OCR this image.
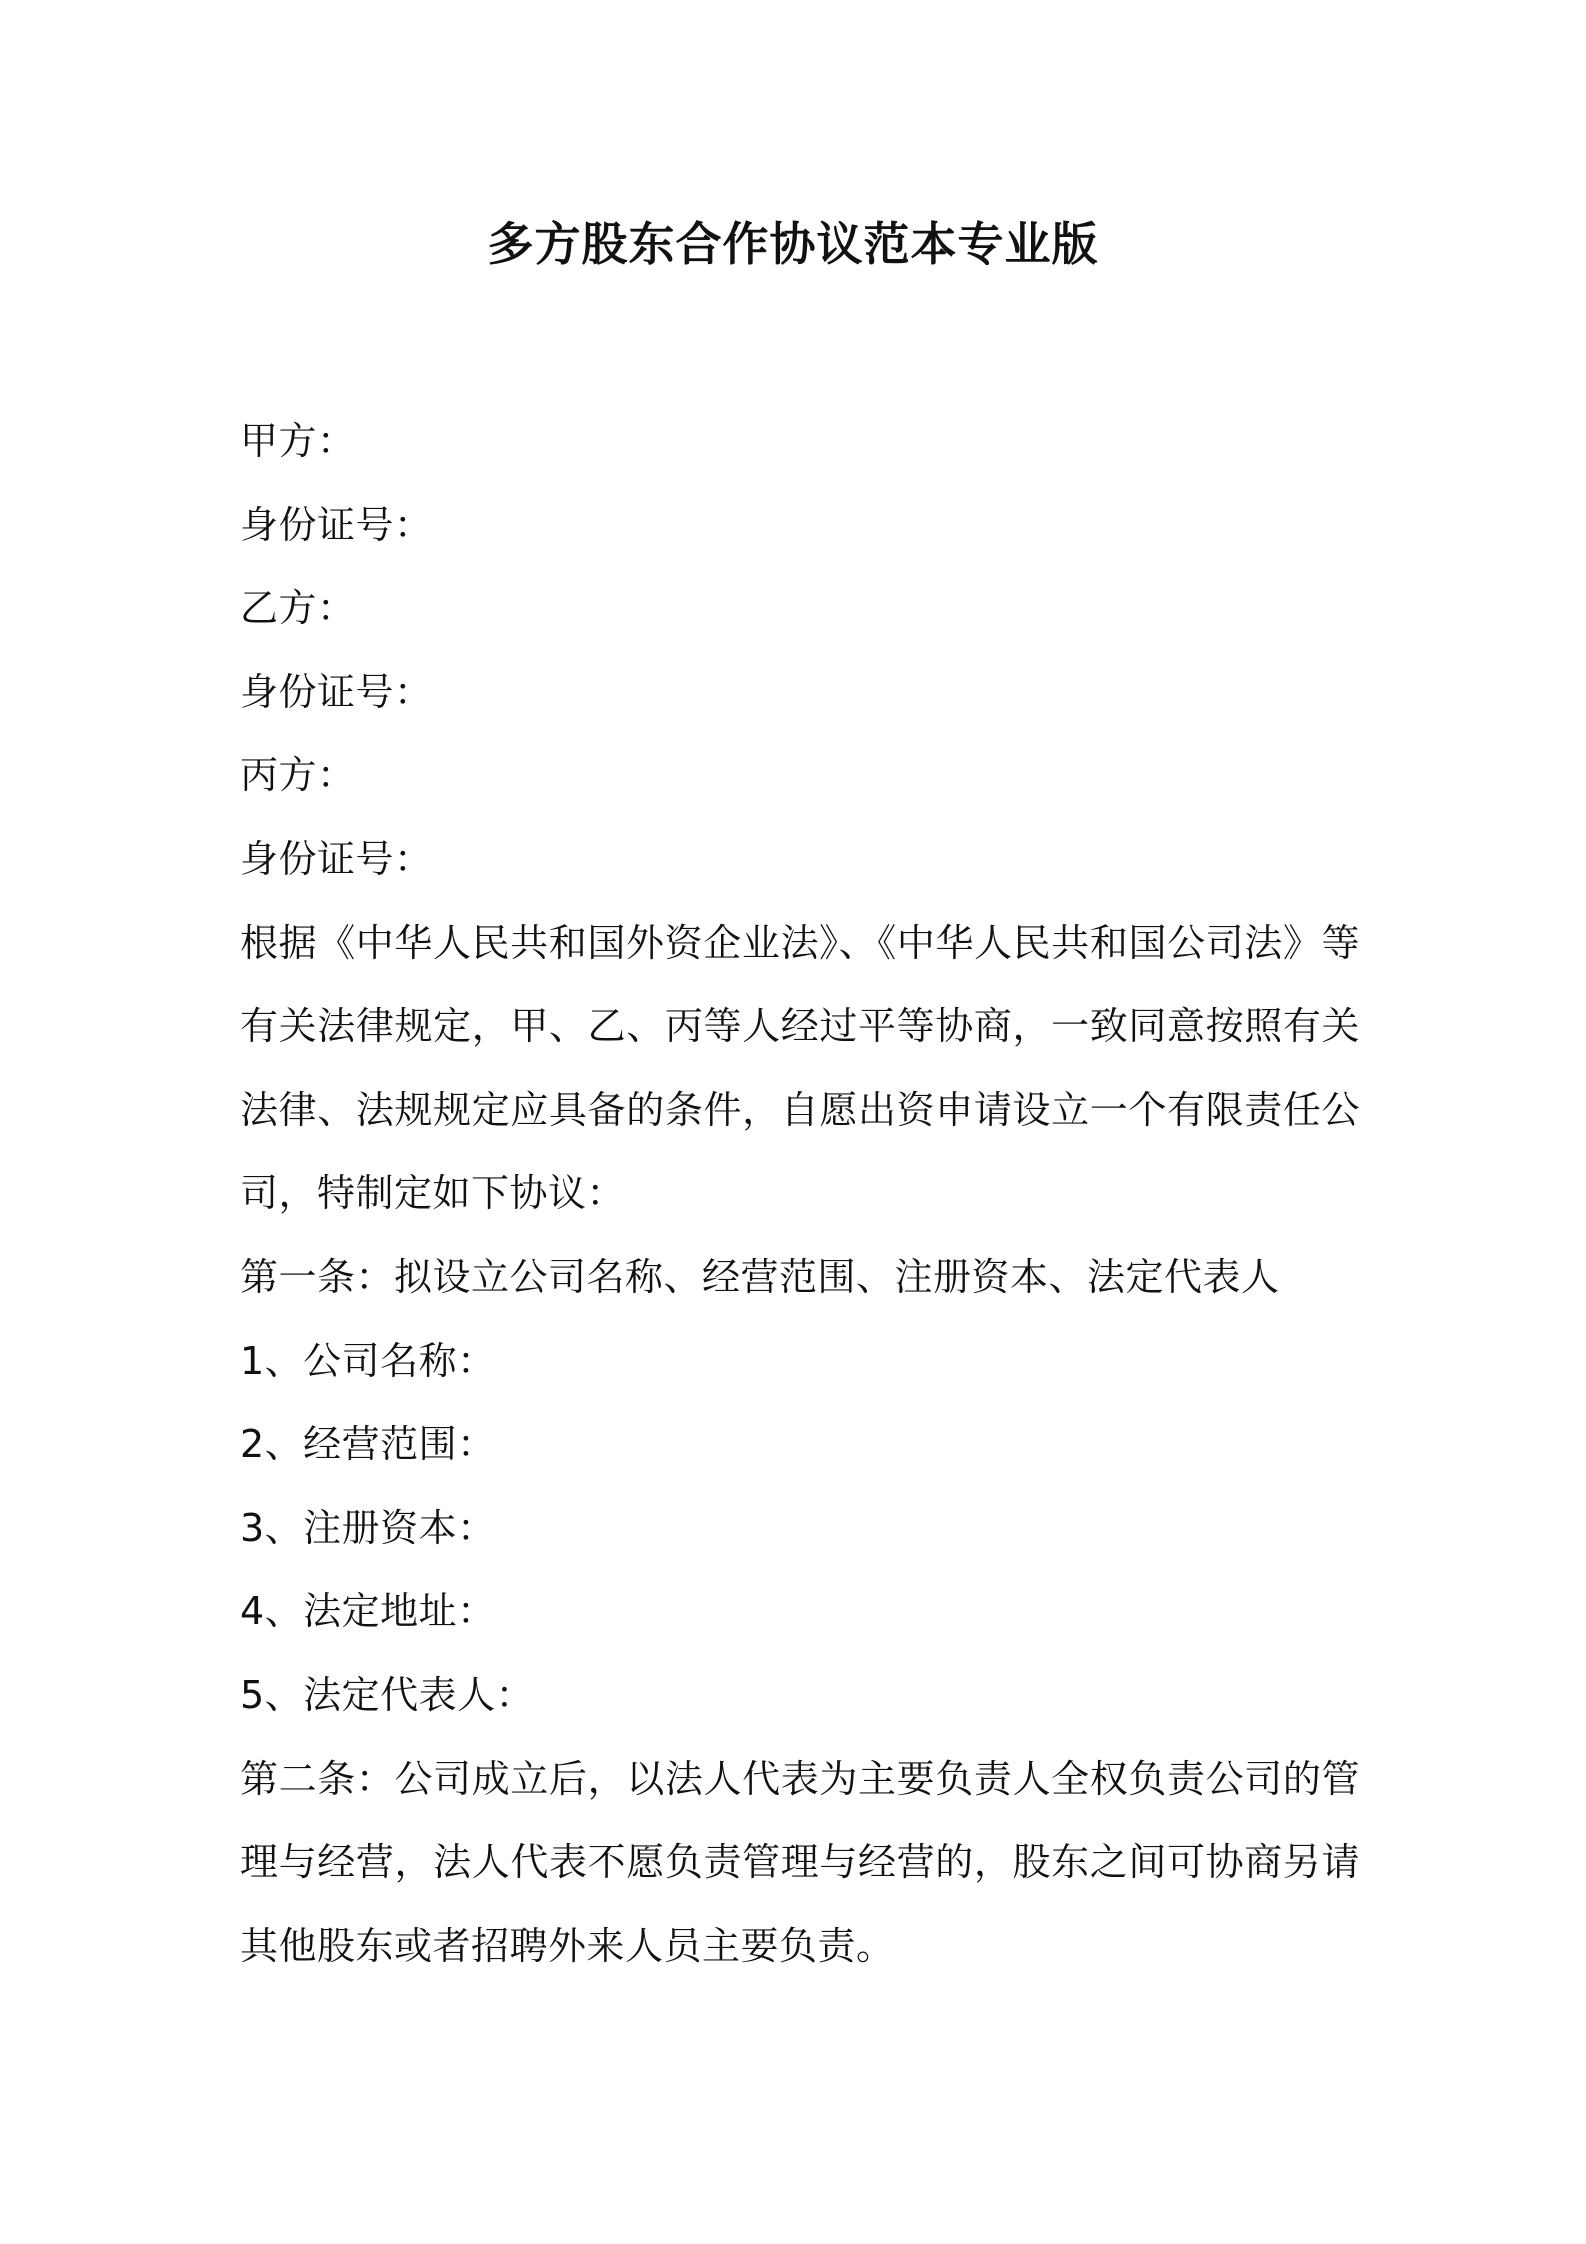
多方股东合作协议范本专业版

甲方：

身份证号：

乙方：

身份证号：

丙方：

身份证号：

根据《中华人民共和国外资企业法》、《中华人民共和国公司法》等有关法律规定，甲、乙、丙等人经过平等协商，一致同意按照有关法律、法规规定应具备的条件，自愿出资申请设立一个有限责任公司，特制定如下协议：

第一条：拟设立公司名称、经营范围、注册资本、法定代表人

1、公司名称：

2、经营范围：

3、注册资本：

4、法定地址：

5、法定代表人：

第二条：公司成立后，以法人代表为主要负责人全权负责公司的管理与经营，法人代表不愿负责管理与经营的，股东之间可协商另请其他股东或者招聘外来人员主要负责。
